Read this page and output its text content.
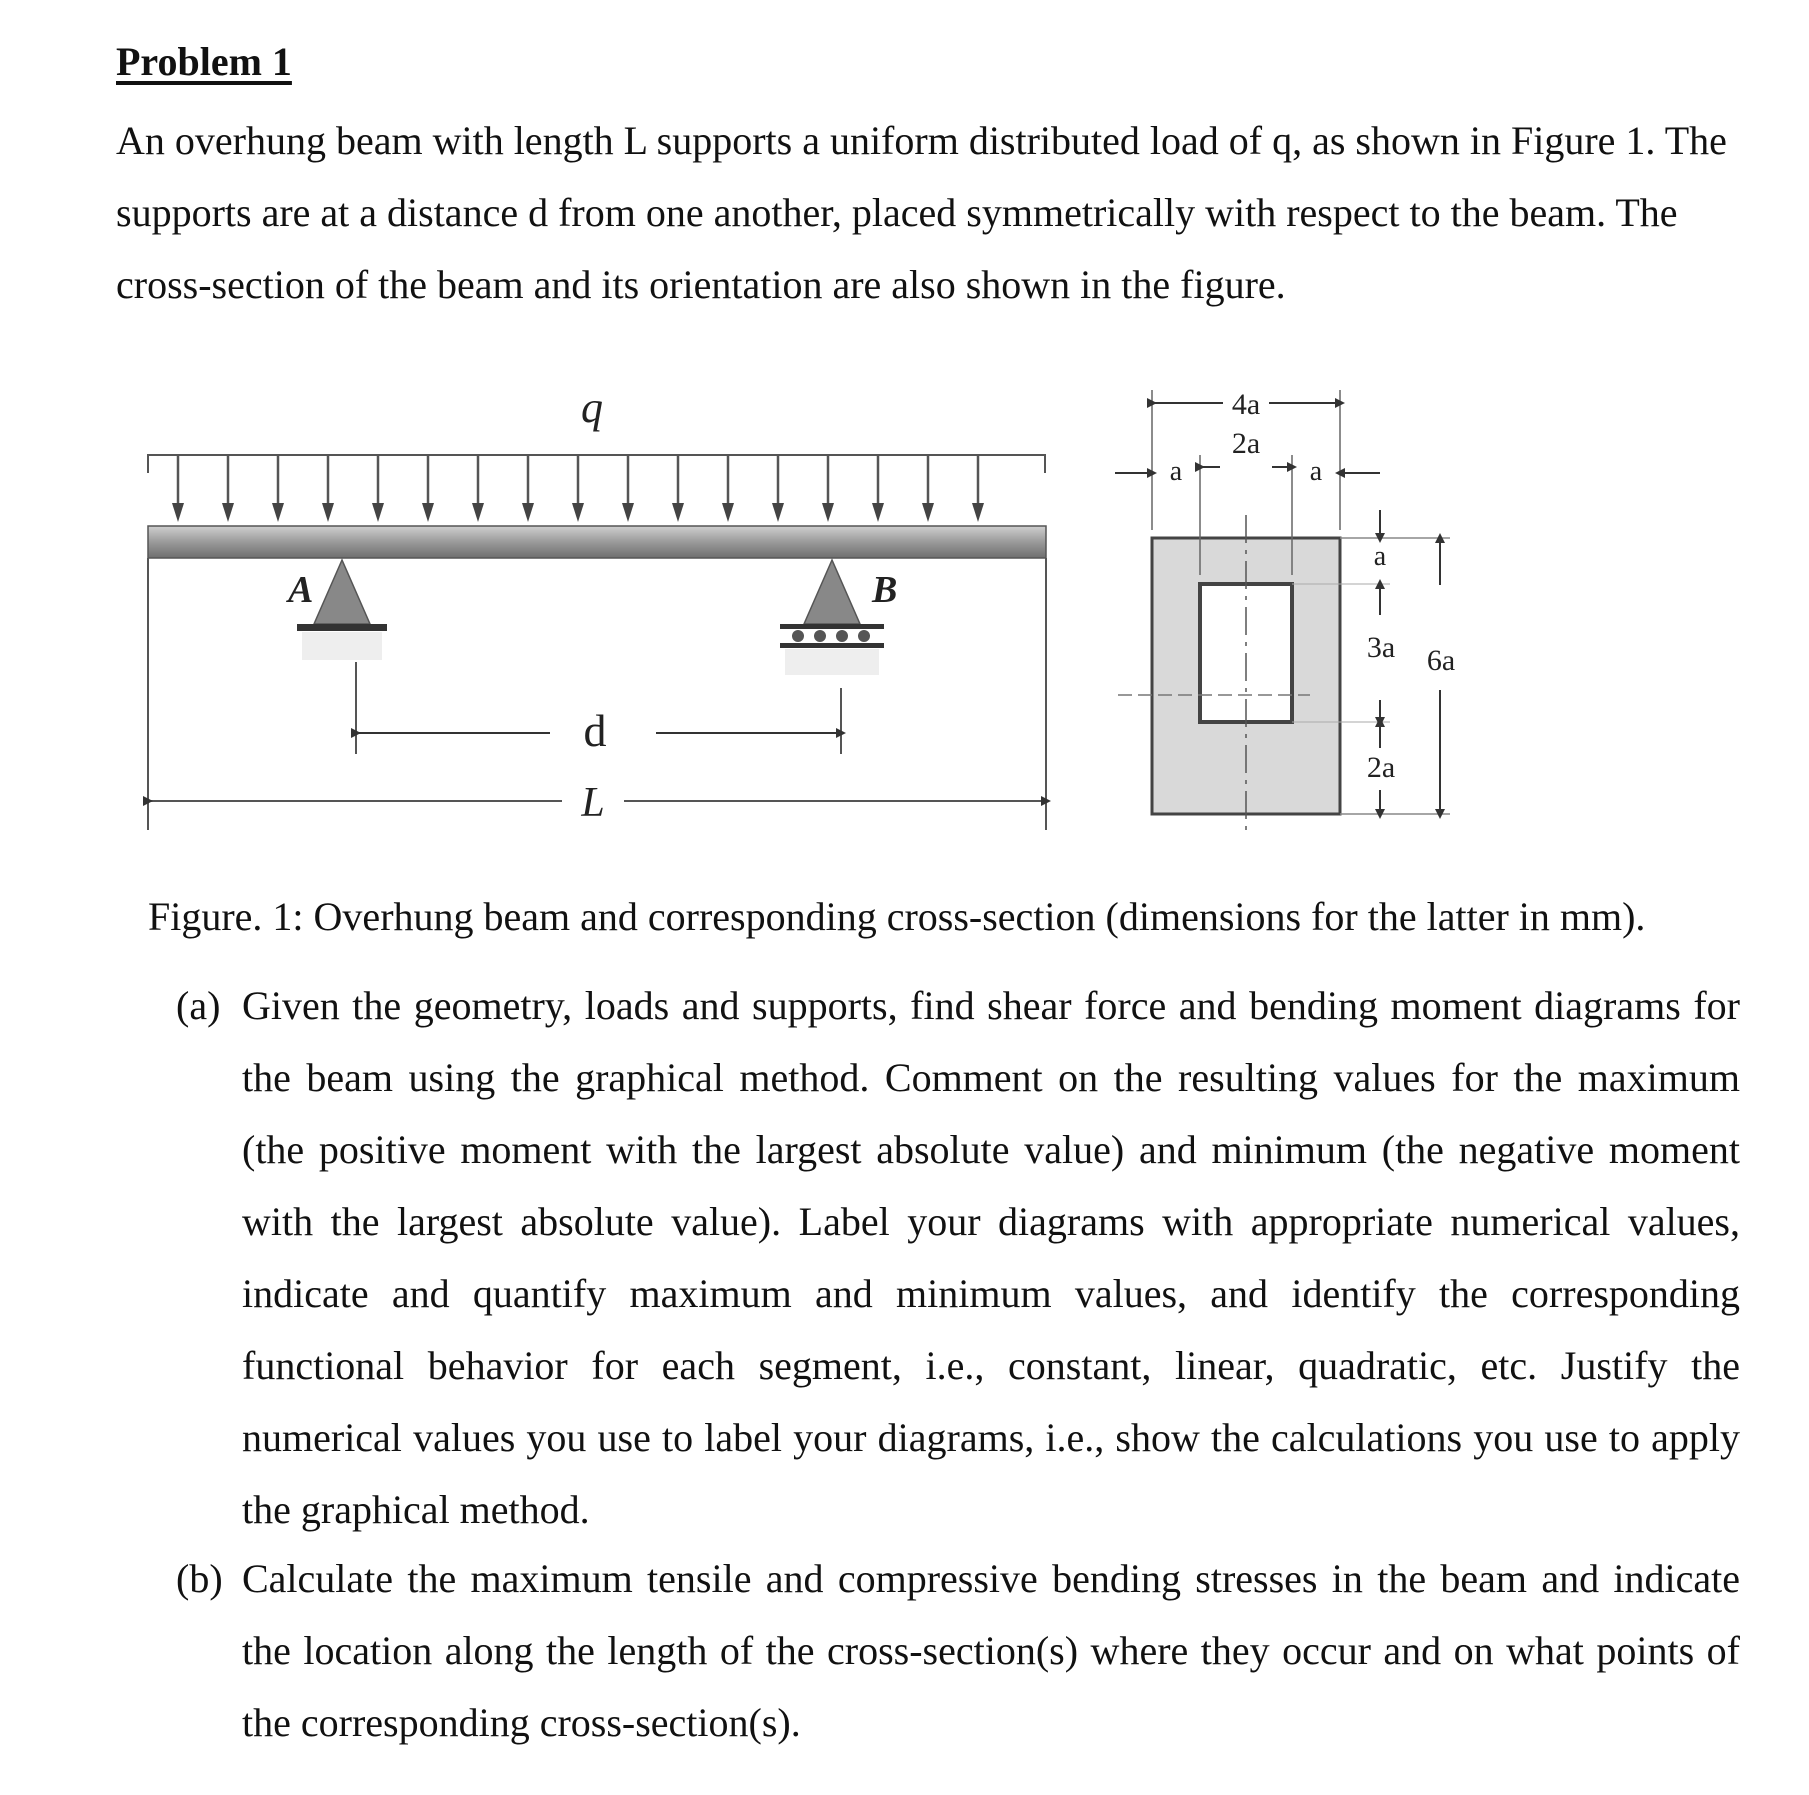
Problem 1

An overhung beam with length L supports a uniform distributed load of q, as shown in Figure 1. The supports are at a distance d from one another, placed symmetrically with respect to the beam. The cross-section of the beam and its orientation are also shown in the figure.

q
A	B
d
L
4a
2a
a	a
a
3a
2a
6a
Figure. 1: Overhung beam and corresponding cross-section (dimensions for the latter in mm).
(a) Given the geometry, loads and supports, find shear force and bending moment diagrams for the beam using the graphical method. Comment on the resulting values for the maximum (the positive moment with the largest absolute value) and minimum (the negative moment with the largest absolute value). Label your diagrams with appropriate numerical values, indicate and quantify maximum and minimum values, and identify the corresponding functional behavior for each segment, i.e., constant, linear, quadratic, etc. Justify the numerical values you use to label your diagrams, i.e., show the calculations you use to apply the graphical method.
(b) Calculate the maximum tensile and compressive bending stresses in the beam and indicate the location along the length of the cross-section(s) where they occur and on what points of the corresponding cross-section(s).
